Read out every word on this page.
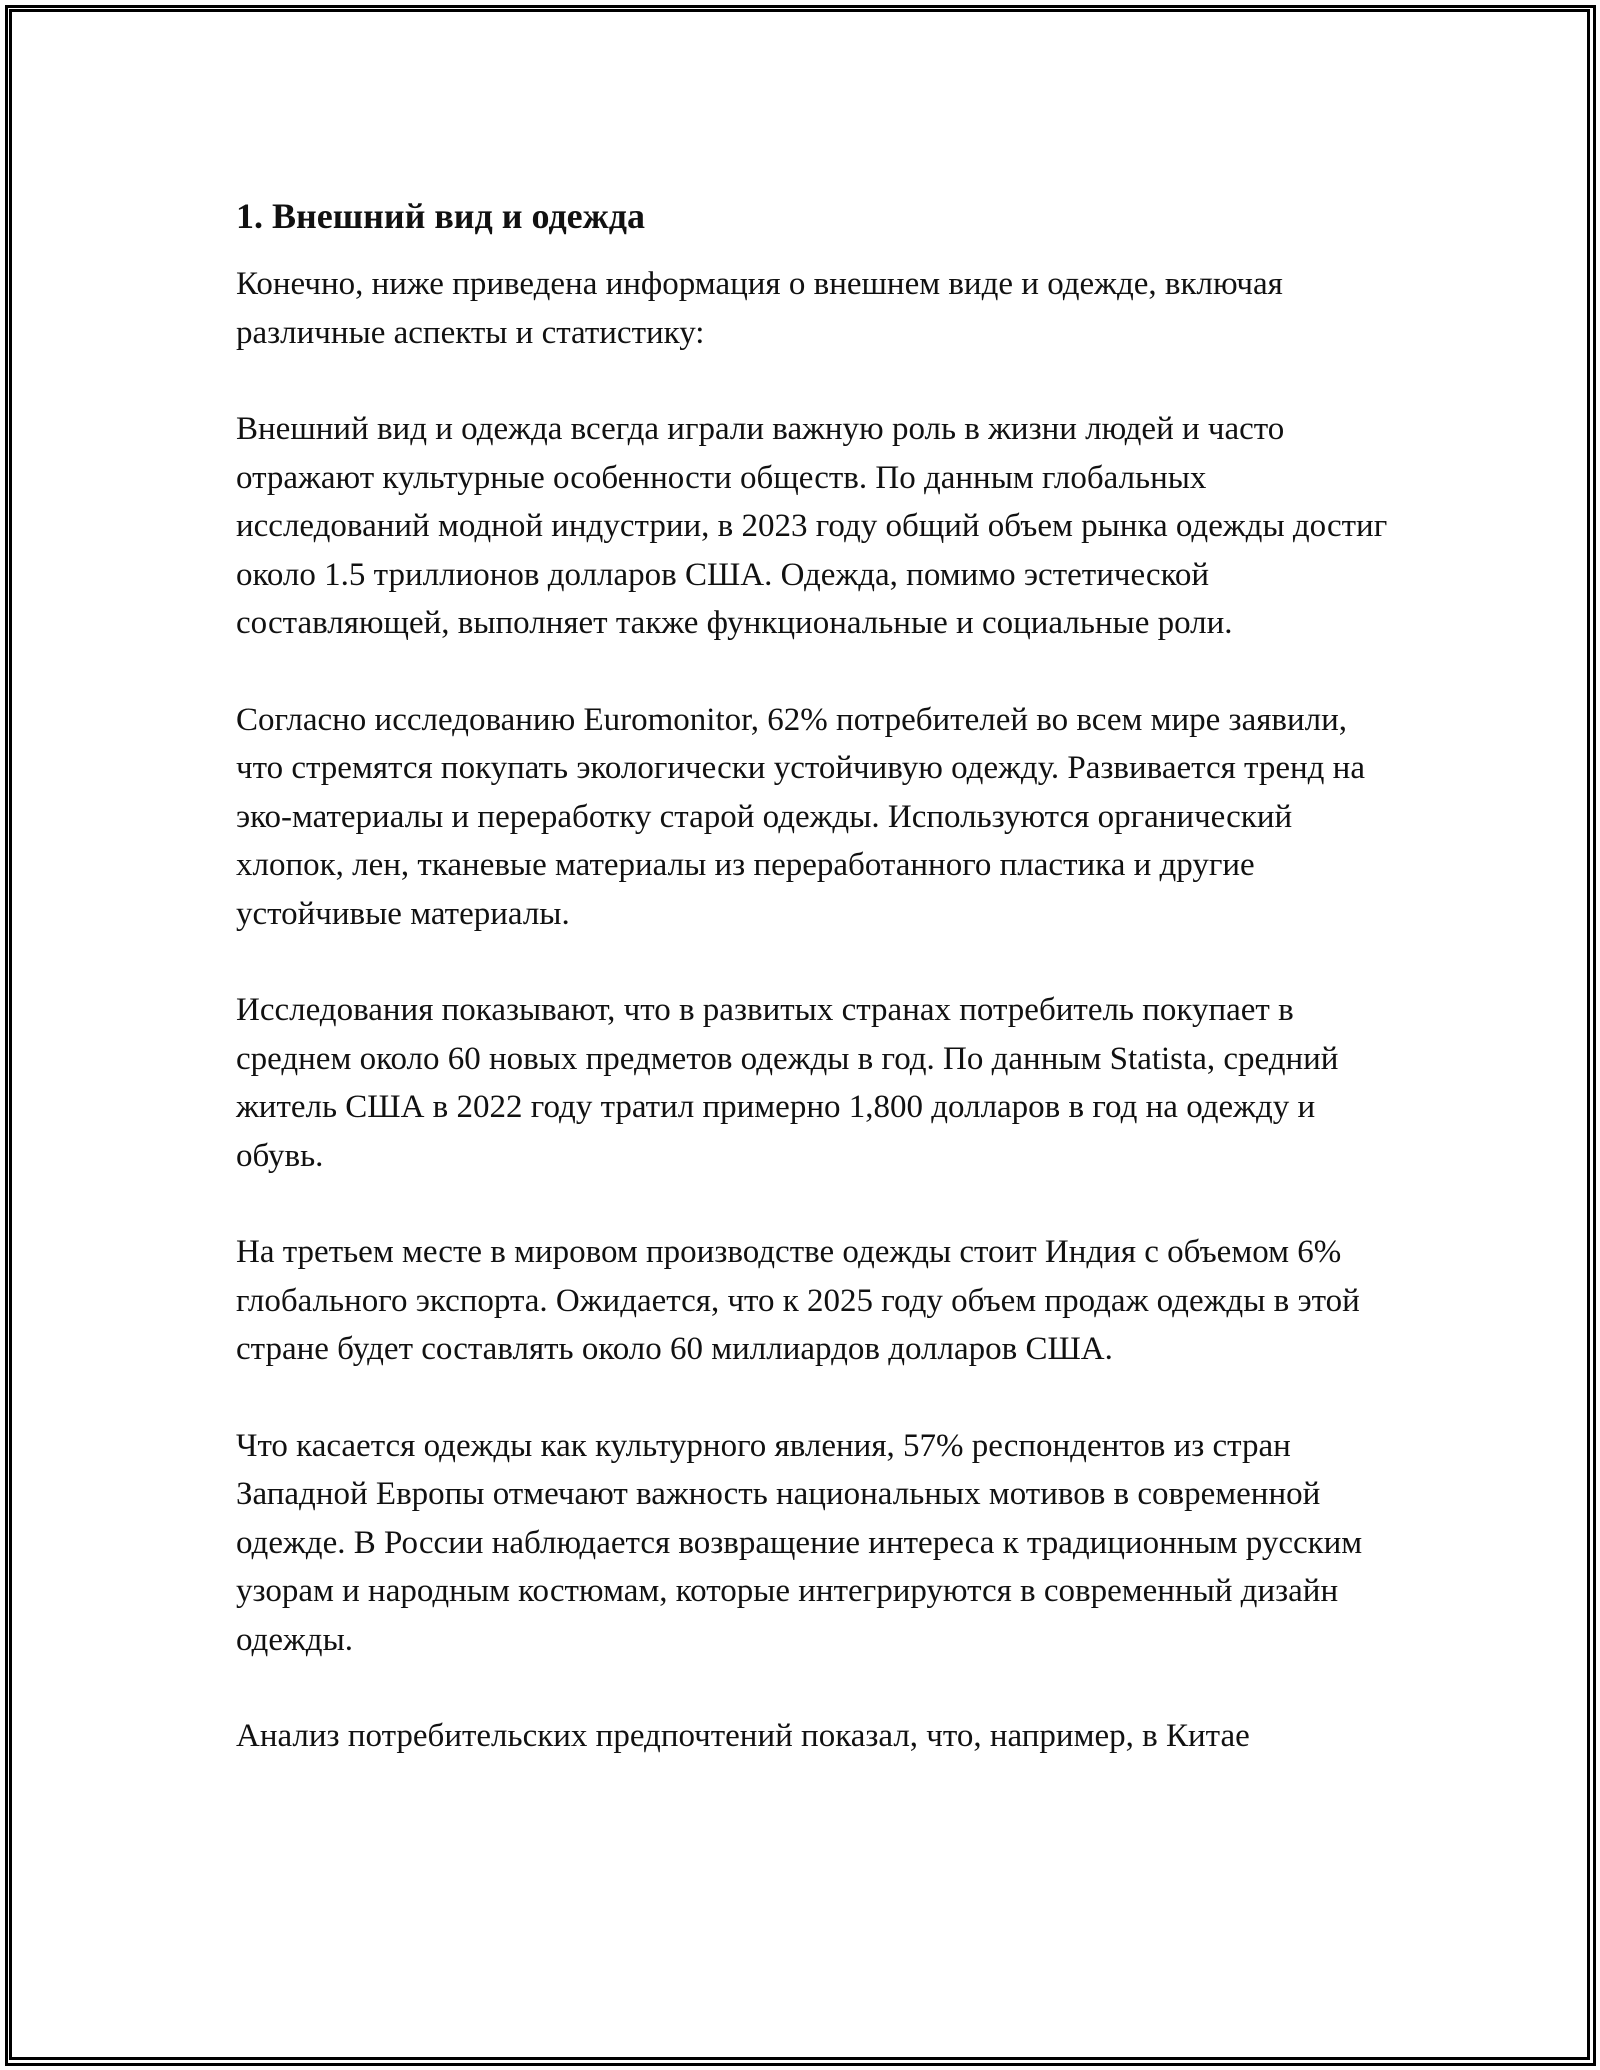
1. Внешний вид и одежда

Конечно, ниже приведена информация о внешнем виде и одежде, включая различные аспекты и статистику:

Внешний вид и одежда всегда играли важную роль в жизни людей и часто отражают культурные особенности обществ. По данным глобальных исследований модной индустрии, в 2023 году общий объем рынка одежды достиг около 1.5 триллионов долларов США. Одежда, помимо эстетической составляющей, выполняет также функциональные и социальные роли.

Согласно исследованию Euromonitor, 62% потребителей во всем мире заявили, что стремятся покупать экологически устойчивую одежду. Развивается тренд на эко-материалы и переработку старой одежды. Используются органический хлопок, лен, тканевые материалы из переработанного пластика и другие устойчивые материалы.

Исследования показывают, что в развитых странах потребитель покупает в среднем около 60 новых предметов одежды в год. По данным Statista, средний житель США в 2022 году тратил примерно 1,800 долларов в год на одежду и обувь.

На третьем месте в мировом производстве одежды стоит Индия с объемом 6% глобального экспорта. Ожидается, что к 2025 году объем продаж одежды в этой стране будет составлять около 60 миллиардов долларов США.

Что касается одежды как культурного явления, 57% респондентов из стран Западной Европы отмечают важность национальных мотивов в современной одежде. В России наблюдается возвращение интереса к традиционным русским узорам и народным костюмам, которые интегрируются в современный дизайн одежды.

Анализ потребительских предпочтений показал, что, например, в Китае
